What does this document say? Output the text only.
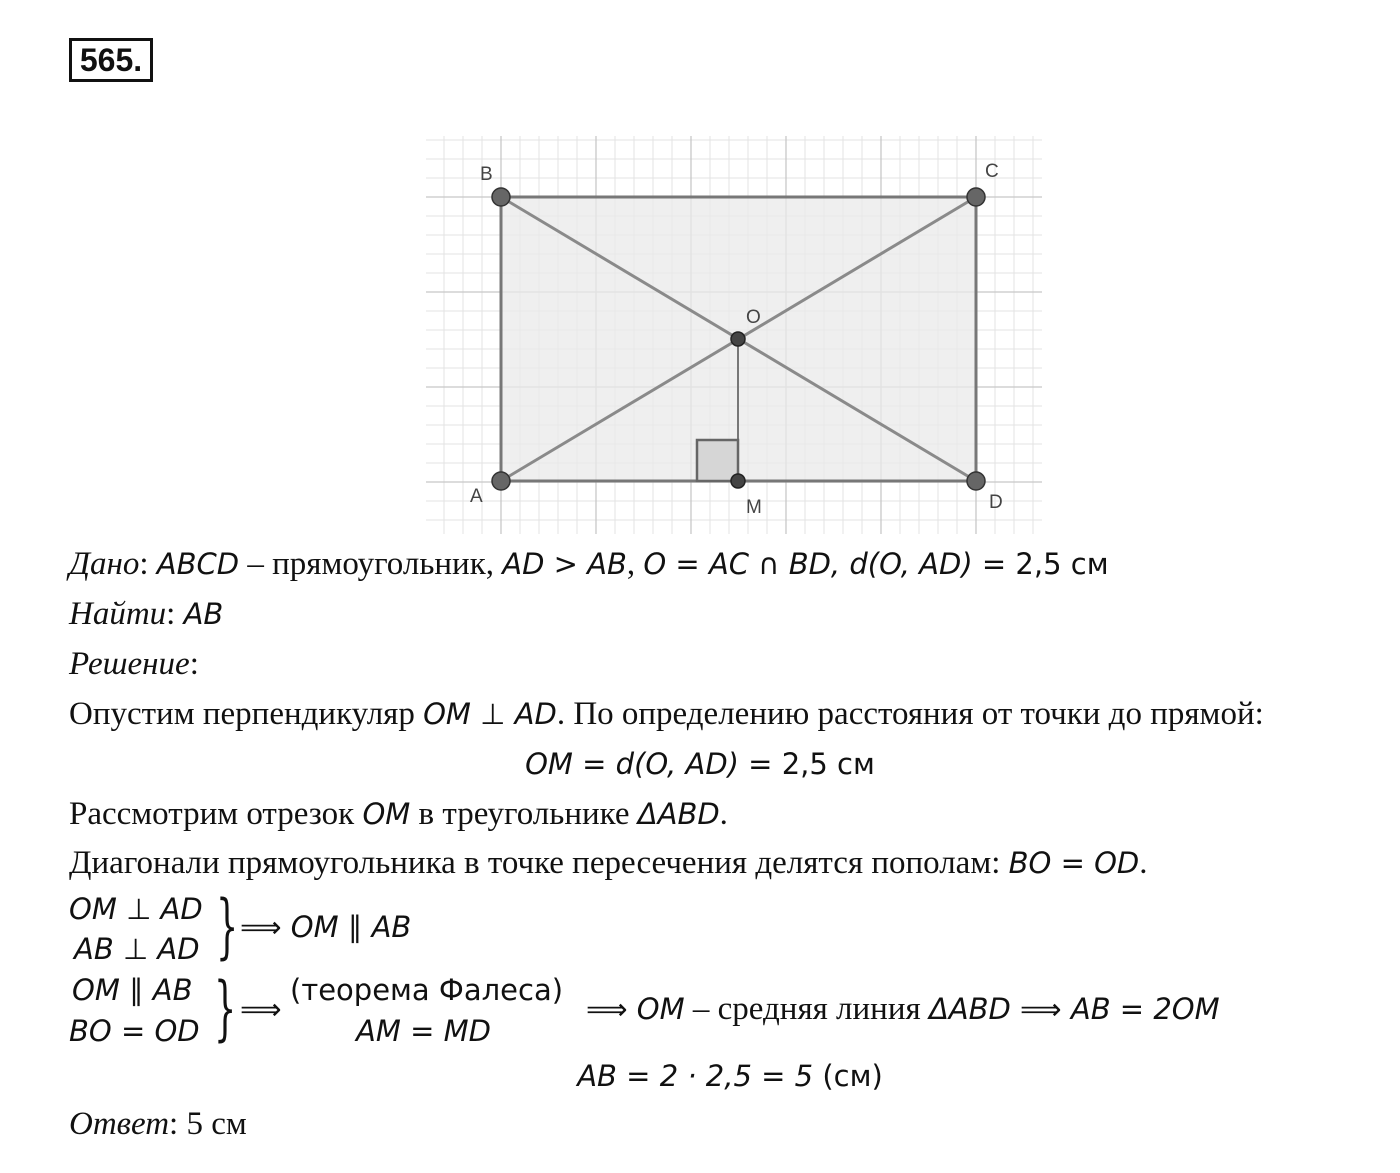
565.
B	C
O
A
M	D
Дано: ABCD – прямоугольник, AD > AB, O = AC ∩ BD, d(O, AD) = 2,5 см
Найти: AB
Решение:
Опустим перпендикуляр OM ⊥ AD. По определению расстояния от точки до прямой:
OM = d(O, AD) = 2,5 см
Рассмотрим отрезок OM в треугольнике ΔABD.
Диагонали прямоугольника в точке пересечения делятся пополам: BO = OD.
OM ⊥ AD
AB ⊥ AD } ⟹ OM ∥ AB
OM ∥ AB
BO = OD } ⟹
(теорема Фалеса)
AM = MD
⟹ OM – средняя линия ΔABD ⟹ AB = 2OM
AB = 2 · 2,5 = 5 (см)
Ответ: 5 см
